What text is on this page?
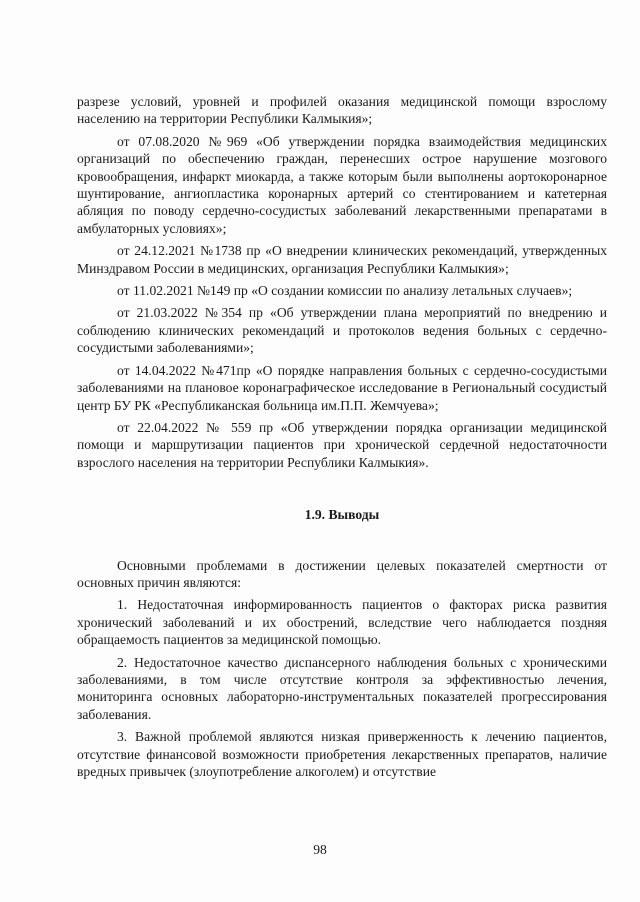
разрезе условий, уровней и профилей оказания медицинской помощи взрослому населению на территории Республики Калмыкия»;

от 07.08.2020 №969 «Об утверждении порядка взаимодействия медицинских организаций по обеспечению граждан, перенесших острое нарушение мозгового кровообращения, инфаркт миокарда, а также которым были выполнены аортокоронарное шунтирование, ангиопластика коронарных артерий со стентированием и катетерная абляция по поводу сердечно-сосудистых заболеваний лекарственными препаратами в амбулаторных условиях»;

от 24.12.2021 №1738 пр «О внедрении клинических рекомендаций, утвержденных Минздравом России в медицинских, организация Республики Калмыкия»;

от 11.02.2021 №149 пр «О создании комиссии по анализу летальных случаев»;

от 21.03.2022 №354 пр «Об утверждении плана мероприятий по внедрению и соблюдению клинических рекомендаций и протоколов ведения больных с сердечно-сосудистыми заболеваниями»;

от 14.04.2022 №471пр «О порядке направления больных с сердечно-сосудистыми заболеваниями на плановое коронаграфическое исследование в Региональный сосудистый центр БУ РК «Республиканская больница им.П.П. Жемчуева»;

от 22.04.2022 № 559 пр «Об утверждении порядка организации медицинской помощи и маршрутизации пациентов при хронической сердечной недостаточности взрослого населения на территории Республики Калмыкия».

1.9. Выводы

Основными проблемами в достижении целевых показателей смертности от основных причин являются:

1. Недостаточная информированность пациентов о факторах риска развития хронический заболеваний и их обострений, вследствие чего наблюдается поздняя обращаемость пациентов за медицинской помощью.

2. Недостаточное качество диспансерного наблюдения больных с хроническими заболеваниями, в том числе отсутствие контроля за эффективностью лечения, мониторинга основных лабораторно-инструментальных показателей прогрессирования заболевания.

3. Важной проблемой являются низкая приверженность к лечению пациентов, отсутствие финансовой возможности приобретения лекарственных препаратов, наличие вредных привычек (злоупотребление алкоголем) и отсутствие

98
